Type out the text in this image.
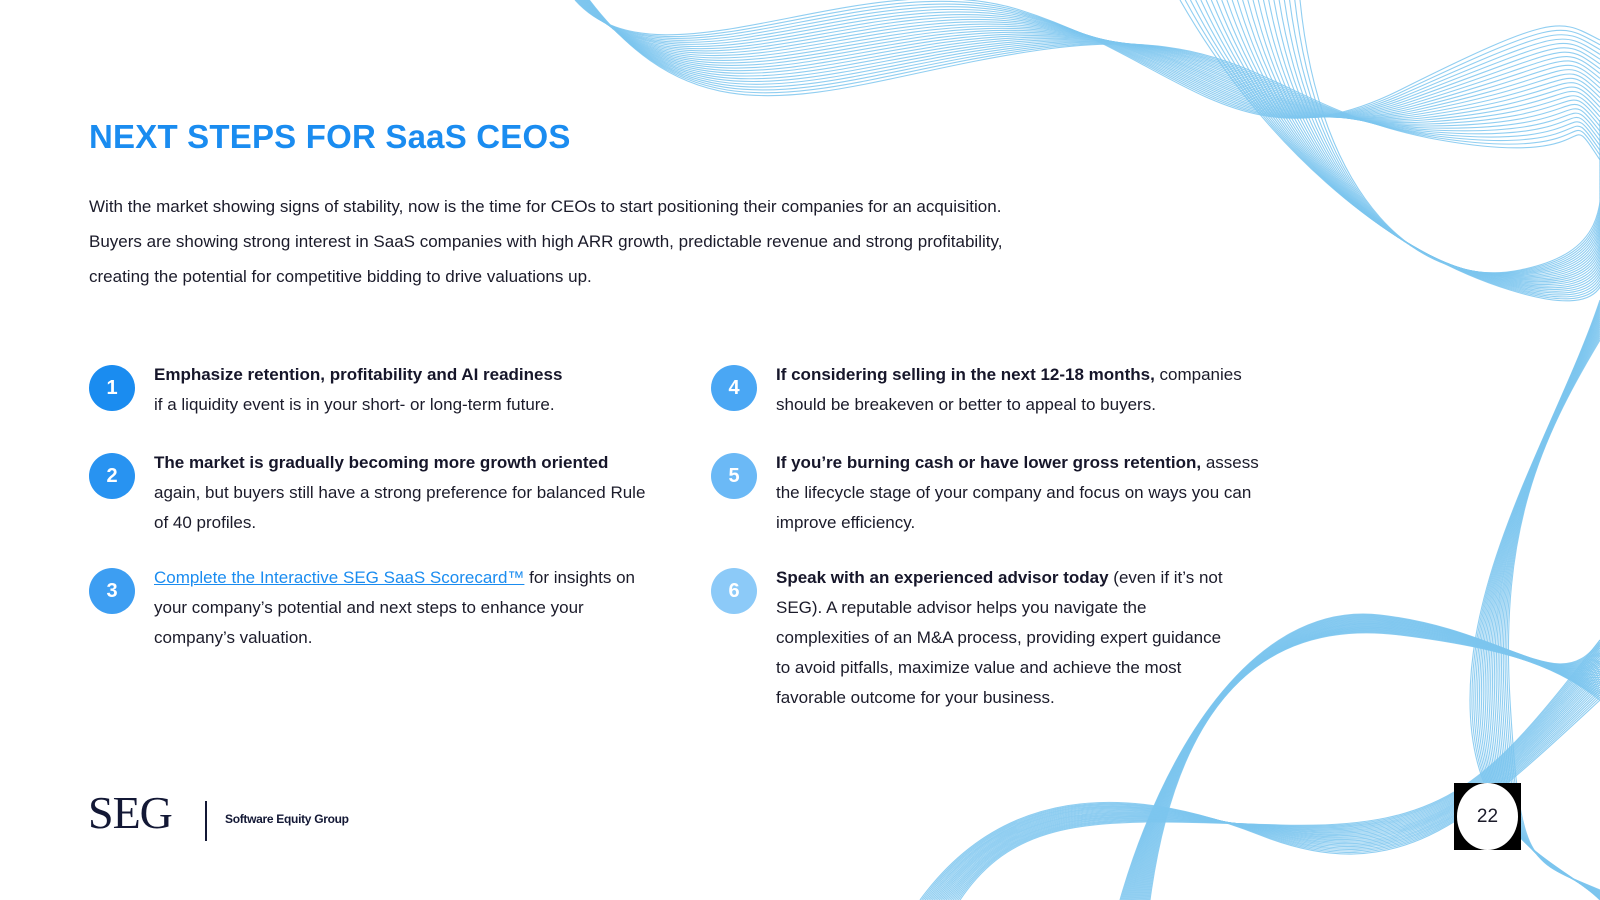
NEXT STEPS FOR SaaS CEOS

With the market showing signs of stability, now is the time for CEOs to start positioning their companies for an acquisition. Buyers are showing strong interest in SaaS companies with high ARR growth, predictable revenue and strong profitability, creating the potential for competitive bidding to drive valuations up.

1

Emphasize retention, profitability and AI readiness
if a liquidity event is in your short- or long-term future.

2

The market is gradually becoming more growth oriented
again, but buyers still have a strong preference for balanced Rule of 40 profiles.

3

Complete the Interactive SEG SaaS Scorecard™ for insights on your company’s potential and next steps to enhance your company’s valuation.

4

If considering selling in the next 12-18 months, companies should be breakeven or better to appeal to buyers.

5

If you’re burning cash or have lower gross retention, assess the lifecycle stage of your company and focus on ways you can improve efficiency.

6

Speak with an experienced advisor today (even if it’s not SEG). A reputable advisor helps you navigate the complexities of an M&A process, providing expert guidance to avoid pitfalls, maximize value and achieve the most favorable outcome for your business.

SEG	Software Equity Group	22
